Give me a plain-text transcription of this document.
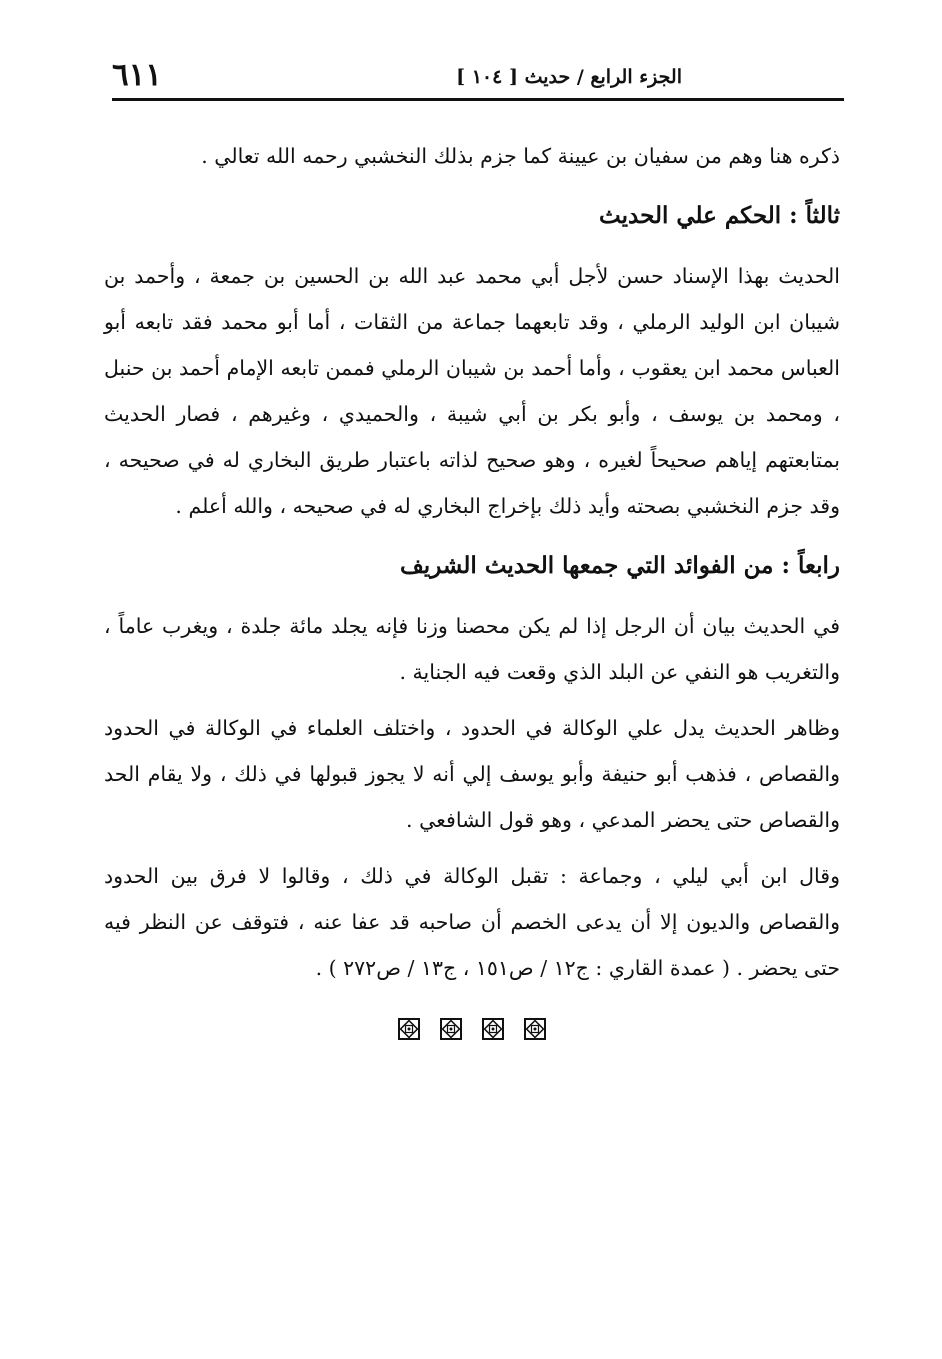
الجزء الرابع / حديث [ ١٠٤ ]
٦١١

ذكره هنا وهم من سفيان بن عيينة كما جزم بذلك النخشبي رحمه الله تعالي .

ثالثاً : الحكم علي الحديث

الحديث بهذا الإسناد حسن لأجل أبي محمد عبد الله بن الحسين بن جمعة ، وأحمد بن شيبان ابن الوليد الرملي ، وقد تابعهما جماعة من الثقات ، أما أبو محمد فقد تابعه أبو العباس محمد ابن يعقوب ، وأما أحمد بن شيبان الرملي فممن تابعه الإمام أحمد بن حنبل ، ومحمد بن يوسف ، وأبو بكر بن أبي شيبة ، والحميدي ، وغيرهم ، فصار الحديث بمتابعتهم إياهم صحيحاً لغيره ، وهو صحيح لذاته باعتبار طريق البخاري له في صحيحه ، وقد جزم النخشبي بصحته وأيد ذلك بإخراج البخاري له في صحيحه ، والله أعلم .

رابعاً : من الفوائد التي جمعها الحديث الشريف

في الحديث بيان أن الرجل إذا لم يكن محصنا وزنا فإنه يجلد مائة جلدة ، ويغرب عاماً ، والتغريب هو النفي عن البلد الذي وقعت فيه الجناية .

وظاهر الحديث يدل علي الوكالة في الحدود ، واختلف العلماء في الوكالة في الحدود والقصاص ، فذهب أبو حنيفة وأبو يوسف إلي أنه لا يجوز قبولها في ذلك ، ولا يقام الحد والقصاص حتى يحضر المدعي ، وهو قول الشافعي .

وقال ابن أبي ليلي ، وجماعة : تقبل الوكالة في ذلك ، وقالوا لا فرق بين الحدود والقصاص والديون إلا أن يدعى الخصم أن صاحبه قد عفا عنه ، فتوقف عن النظر فيه حتى يحضر . ( عمدة القاري : ج١٢ / ص١٥١ ، ج١٣ / ص٢٧٢ ) .
